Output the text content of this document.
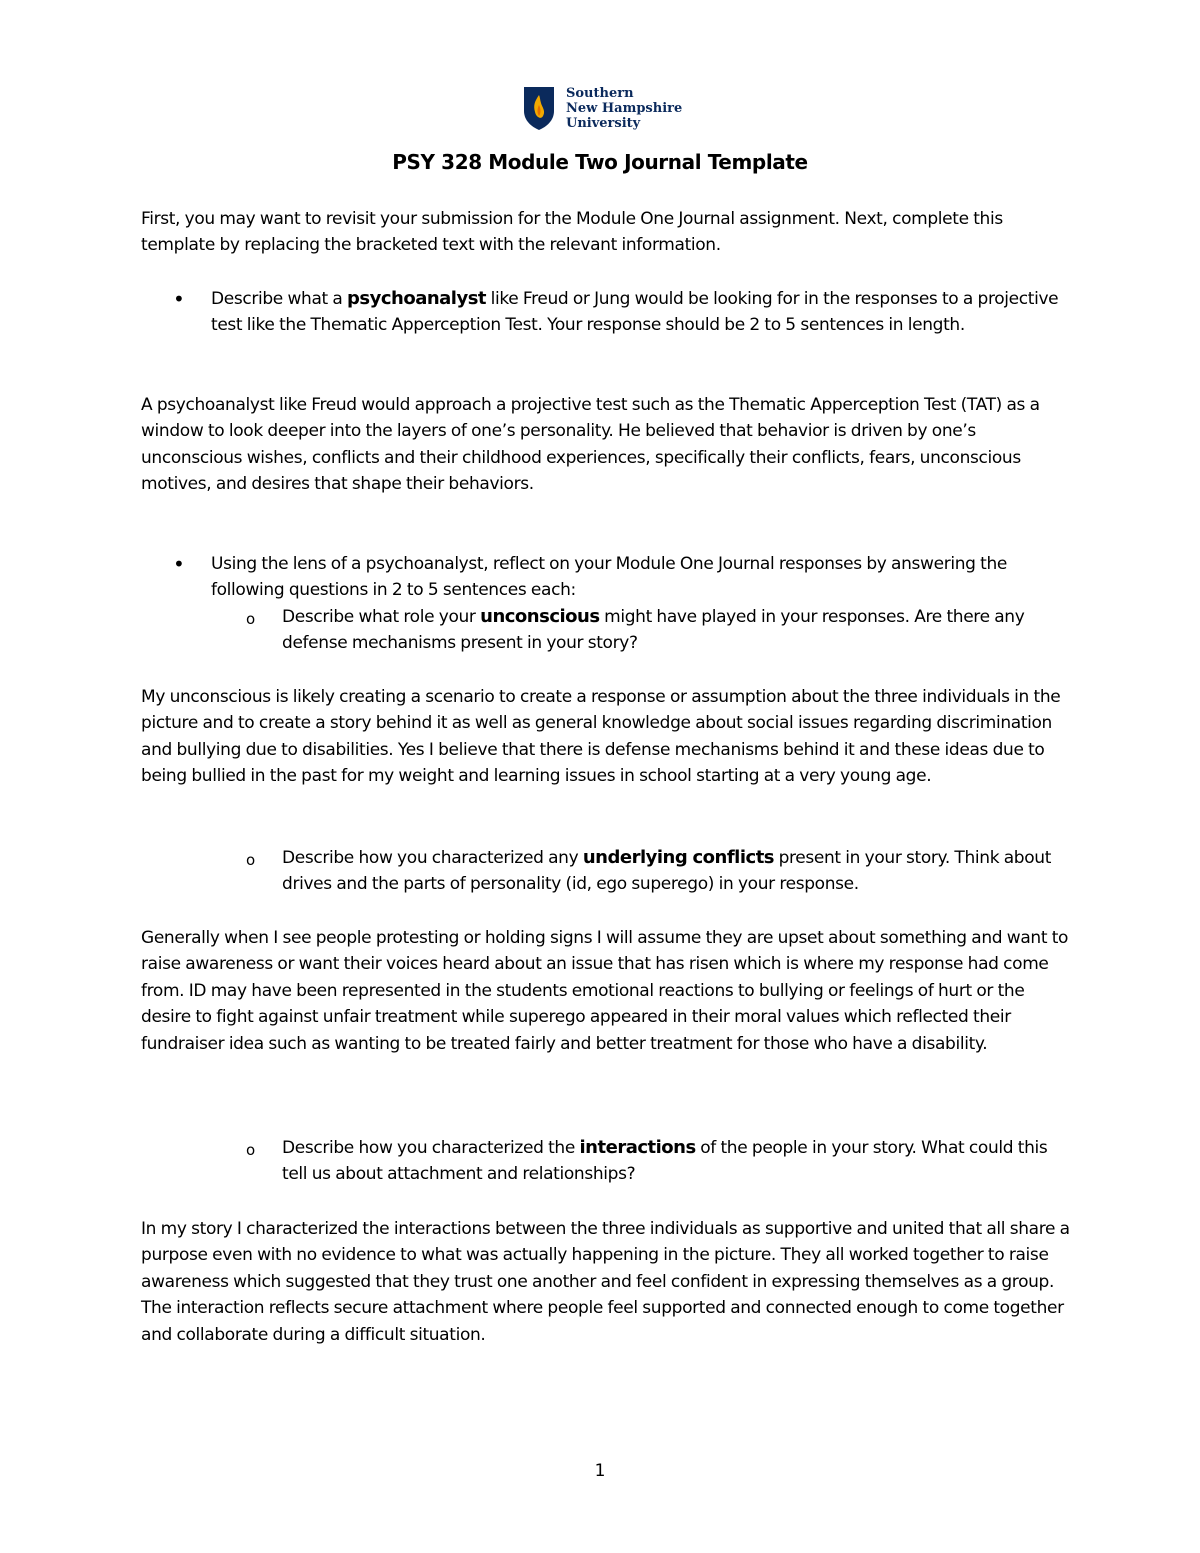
Southern
New Hampshire
University
PSY 328 Module Two Journal Template

First, you may want to revisit your submission for the Module One Journal assignment. Next, complete this template by replacing the bracketed text with the relevant information.

• Describe what a psychoanalyst like Freud or Jung would be looking for in the responses to a projective test like the Thematic Apperception Test. Your response should be 2 to 5 sentences in length.

A psychoanalyst like Freud would approach a projective test such as the Thematic Apperception Test (TAT) as a window to look deeper into the layers of one’s personality. He believed that behavior is driven by one’s unconscious wishes, conflicts and their childhood experiences, specifically their conflicts, fears, unconscious motives, and desires that shape their behaviors.

• Using the lens of a psychoanalyst, reflect on your Module One Journal responses by answering the following questions in 2 to 5 sentences each:
o Describe what role your unconscious might have played in your responses. Are there any defense mechanisms present in your story?

My unconscious is likely creating a scenario to create a response or assumption about the three individuals in the picture and to create a story behind it as well as general knowledge about social issues regarding discrimination and bullying due to disabilities. Yes I believe that there is defense mechanisms behind it and these ideas due to being bullied in the past for my weight and learning issues in school starting at a very young age.

o Describe how you characterized any underlying conflicts present in your story. Think about drives and the parts of personality (id, ego superego) in your response.

Generally when I see people protesting or holding signs I will assume they are upset about something and want to raise awareness or want their voices heard about an issue that has risen which is where my response had come from. ID may have been represented in the students emotional reactions to bullying or feelings of hurt or the desire to fight against unfair treatment while superego appeared in their moral values which reflected their fundraiser idea such as wanting to be treated fairly and better treatment for those who have a disability.

o Describe how you characterized the interactions of the people in your story. What could this tell us about attachment and relationships?

In my story I characterized the interactions between the three individuals as supportive and united that all share a purpose even with no evidence to what was actually happening in the picture. They all worked together to raise awareness which suggested that they trust one another and feel confident in expressing themselves as a group. The interaction reflects secure attachment where people feel supported and connected enough to come together and collaborate during a difficult situation.

1
